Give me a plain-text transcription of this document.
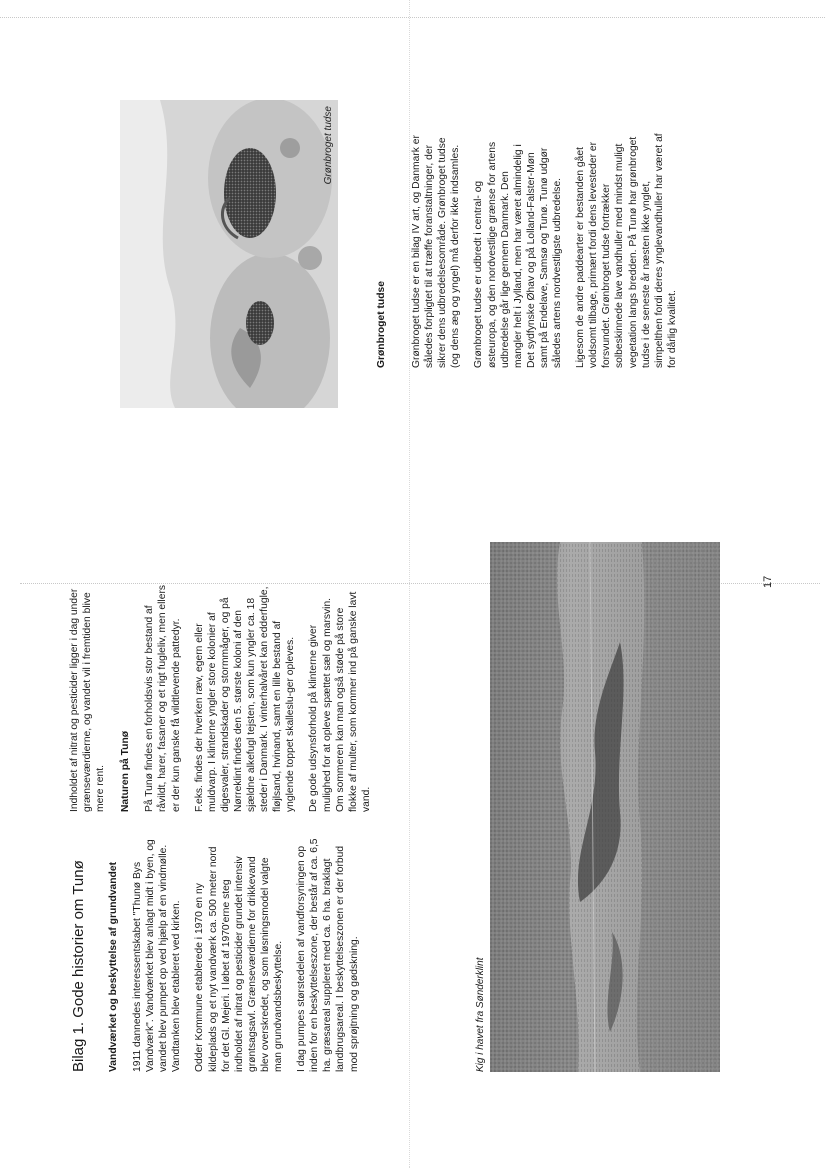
Bilag 1. Gode historier om Tunø Vandværket og beskyttelse af grundvandet 1911 dannedes interessentskabet "Thunø Bys Vandværk". Vandværket blev anlagt midt i byen, og vandet blev pumpet op ved hjælp af en vindmølle. Vandtanken blev etableret ved kirken. Odder Kommune etablerede i 1970 en ny kildeplads og et nyt vandværk ca. 500 meter nord for det Gl. Mejeri. I løbet af 1970'erne steg indholdet af nitrat og pesticider grundet intensiv grøntsagsavl. Grænseværdierne for drikkevand blev overskredet, og som løsningsmodel valgte man grundvandsbeskyttelse. I dag pumpes størstedelen af vandforsyningen op inden for en beskyttelseszone, der består af ca. 6,5 ha. græsareal suppleret med ca. 6 ha. braklagt landbrugsareal. I beskyttelseszonen er der forbud mod sprøjtning og gødskning.	Kig i havet fra Sønderklint

Indholdet af nitrat og pesticider ligger i dag under grænseværdierne, og vandet vil i fremtiden blive mere rent. Naturen på Tunø På Tunø findes en forholdsvis stor bestand af råvildt, harer, fasaner og et rigt fugleliv, men ellers er der kun ganske få vildtlevende pattedyr. F.eks. findes der hverken ræv, egern eller muldvarp. I klinterne yngler store kolonier af digesvaler, strandskader og stormmåger, og på Nørreklint findes den 5. største koloni af den sjældne alkefugl tejsten, som kun yngler ca. 18 steder i Danmark. I vinterhalvåret kan edderfugle, fløjlsand, hvinand, samt en lille bestand af ynglende toppet skalleslu-ger opleves. De gode udsynsforhold på klinterne giver mulighed for at opleve spættet sæl og marsvin. Om sommeren kan man også støde på store flokke af multer, som kommer ind på ganske lavt vand.

Grønbroget tudse
Grønbroget tudse Grønbroget tudse er en bilag IV art, og Danmark er således forpligtet til at træffe foranstaltninger, der sikrer dens udbredelsesområde. Grønbroget tudse (og dens æg og yngel) må derfor ikke indsamles. Grønbroget tudse er udbredt i central- og østeuropa, og den nordvestlige grænse for artens udbredelse går lige gennem Danmark. Den mangler helt i Jylland, men har været almindelig i Det sydfynske Øhav og på Lolland-Falster-Møn samt på Endelave, Samsø og Tunø. Tunø udgør således artens nordvestligste udbredelse. Ligesom de andre paddearter er bestanden gået voldsomt tilbage, primært fordi dens levesteder er forsvundet. Grønbroget tudse fortrækker solbeskinnede lave vandhuller med mindst muligt vegetation langs bredden. På Tunø har grønbroget tudse i de seneste år næsten ikke ynglet, simpelthen fordi deres ynglevandhuller har været af for dårlig kvalitet.

17
